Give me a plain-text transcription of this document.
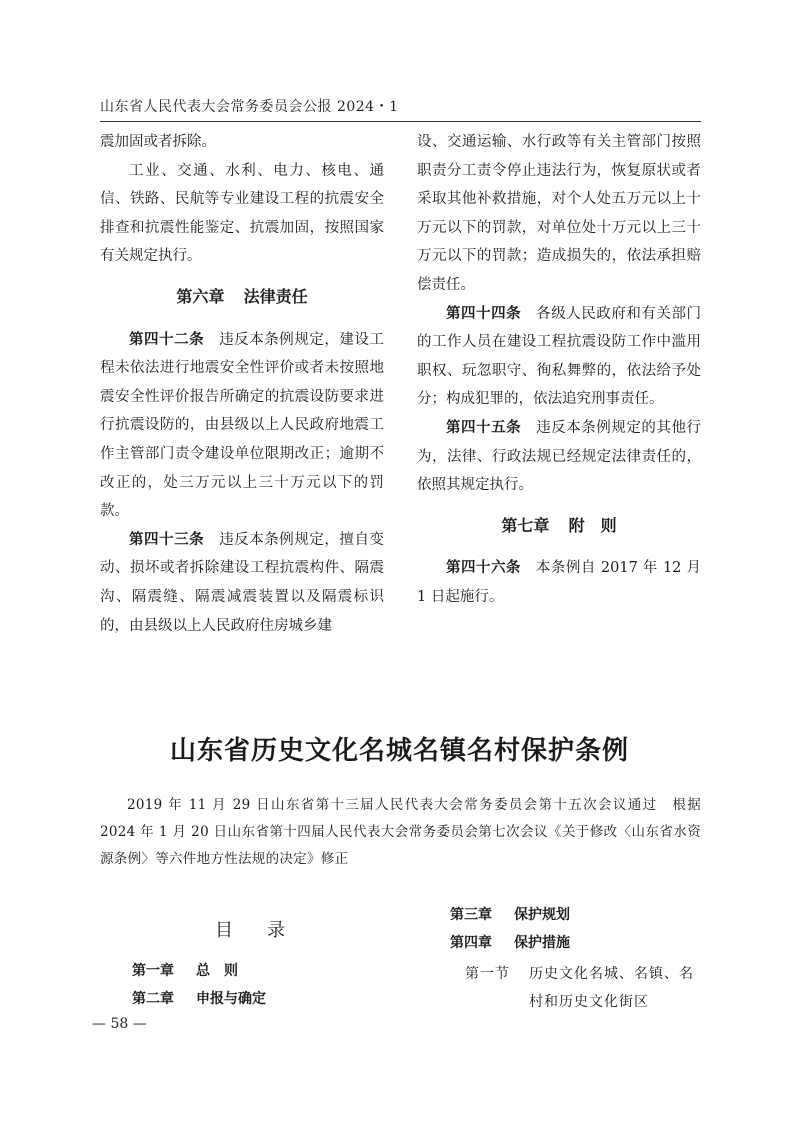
山东省人民代表大会常务委员会公报 2024・1

震加固或者拆除。

工业、交通、水利、电力、核电、通信、铁路、民航等专业建设工程的抗震安全排查和抗震性能鉴定、抗震加固，按照国家有关规定执行。

第六章 法律责任

第四十二条　 违反本条例规定，建设工程未依法进行地震安全性评价或者未按照地震安全性评价报告所确定的抗震设防要求进行抗震设防的，由县级以上人民政府地震工作主管部门责令建设单位限期改正；逾期不改正的，处三万元以上三十万元以下的罚款。

第四十三条　 违反本条例规定，擅自变动、损坏或者拆除建设工程抗震构件、隔震沟、隔震缝、隔震减震装置以及隔震标识的，由县级以上人民政府住房城乡建

设、交通运输、水行政等有关主管部门按照职责分工责令停止违法行为，恢复原状或者采取其他补救措施，对个人处五万元以上十万元以下的罚款，对单位处十万元以上三十万元以下的罚款；造成损失的，依法承担赔偿责任。

第四十四条　 各级人民政府和有关部门的工作人员在建设工程抗震设防工作中滥用职权、玩忽职守、徇私舞弊的，依法给予处分；构成犯罪的，依法追究刑事责任。

第四十五条　 违反本条例规定的其他行为，法律、行政法规已经规定法律责任的，依照其规定执行。

第七章 附　则

第四十六条　 本条例自 2017 年 12 月 1 日起施行。

山东省历史文化名城名镇名村保护条例
2019 年 11 月 29 日山东省第十三届人民代表大会常务委员会第十五次会议通过　根据 2024 年 1 月 20 日山东省第十四届人民代表大会常务委员会第七次会议《关于修改〈山东省水资源条例〉等六件地方性法规的决定》修正
目　录
第一章 总　则
第二章 申报与确定
第三章 保护规划
第四章 保护措施
第一节 历史文化名城、名镇、名
村和历史文化街区
— 58 —
